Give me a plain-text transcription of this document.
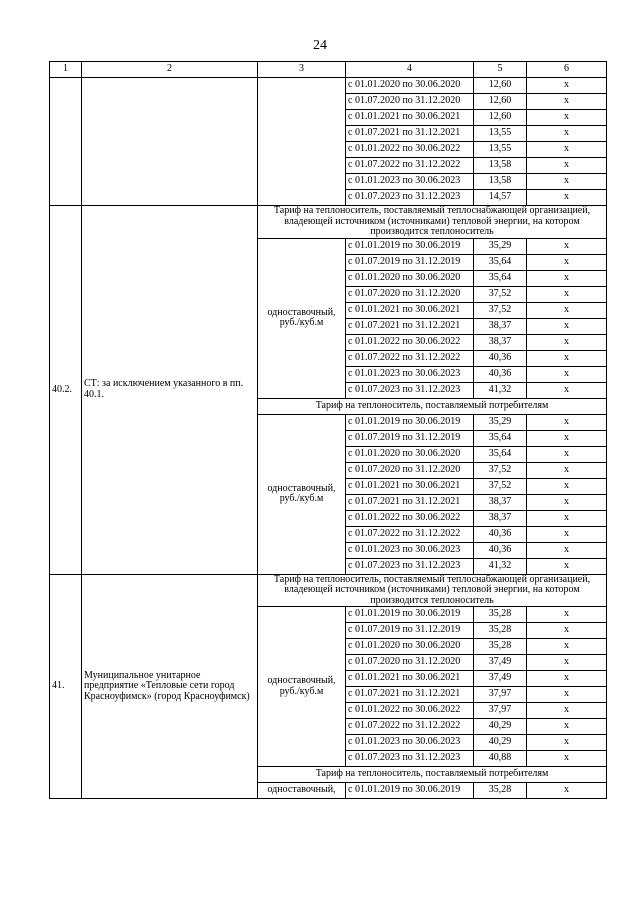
24
1	2	3	4	5	6
			с 01.01.2020 по 30.06.2020	12,60	х
			с 01.07.2020 по 31.12.2020	12,60	х
			с 01.01.2021 по 30.06.2021	12,60	х
			с 01.07.2021 по 31.12.2021	13,55	х
			с 01.01.2022 по 30.06.2022	13,55	х
			с 01.07.2022 по 31.12.2022	13,58	х
			с 01.01.2023 по 30.06.2023	13,58	х
			с 01.07.2023 по 31.12.2023	14,57	х
40.2.	СТ: за исключением указанного в пп. 40.1.	Тариф на теплоноситель, поставляемый теплоснабжающей организацией, владеющей источником (источниками) тепловой энергии, на котором производится теплоноситель			
		одноставочный, руб./куб.м	с 01.01.2019 по 30.06.2019	35,29	х
			с 01.07.2019 по 31.12.2019	35,64	х
			с 01.01.2020 по 30.06.2020	35,64	х
			с 01.07.2020 по 31.12.2020	37,52	х
			с 01.01.2021 по 30.06.2021	37,52	х
			с 01.07.2021 по 31.12.2021	38,37	х
			с 01.01.2022 по 30.06.2022	38,37	х
			с 01.07.2022 по 31.12.2022	40,36	х
			с 01.01.2023 по 30.06.2023	40,36	х
			с 01.07.2023 по 31.12.2023	41,32	х
		Тариф на теплоноситель, поставляемый потребителям			
		одноставочный, руб./куб.м	с 01.01.2019 по 30.06.2019	35,29	х
			с 01.07.2019 по 31.12.2019	35,64	х
			с 01.01.2020 по 30.06.2020	35,64	х
			с 01.07.2020 по 31.12.2020	37,52	х
			с 01.01.2021 по 30.06.2021	37,52	х
			с 01.07.2021 по 31.12.2021	38,37	х
			с 01.01.2022 по 30.06.2022	38,37	х
			с 01.07.2022 по 31.12.2022	40,36	х
			с 01.01.2023 по 30.06.2023	40,36	х
			с 01.07.2023 по 31.12.2023	41,32	х
41.	Муниципальное унитарное предприятие «Тепловые сети город Красноуфимск» (город Красноуфимск)	Тариф на теплоноситель, поставляемый теплоснабжающей организацией, владеющей источником (источниками) тепловой энергии, на котором производится теплоноситель			
		одноставочный, руб./куб.м	с 01.01.2019 по 30.06.2019	35,28	х
			с 01.07.2019 по 31.12.2019	35,28	х
			с 01.01.2020 по 30.06.2020	35,28	х
			с 01.07.2020 по 31.12.2020	37,49	х
			с 01.01.2021 по 30.06.2021	37,49	х
			с 01.07.2021 по 31.12.2021	37,97	х
			с 01.01.2022 по 30.06.2022	37,97	х
			с 01.07.2022 по 31.12.2022	40,29	х
			с 01.01.2023 по 30.06.2023	40,29	х
			с 01.07.2023 по 31.12.2023	40,88	х
		Тариф на теплоноситель, поставляемый потребителям			
		одноставочный,	с 01.01.2019 по 30.06.2019	35,28	х
